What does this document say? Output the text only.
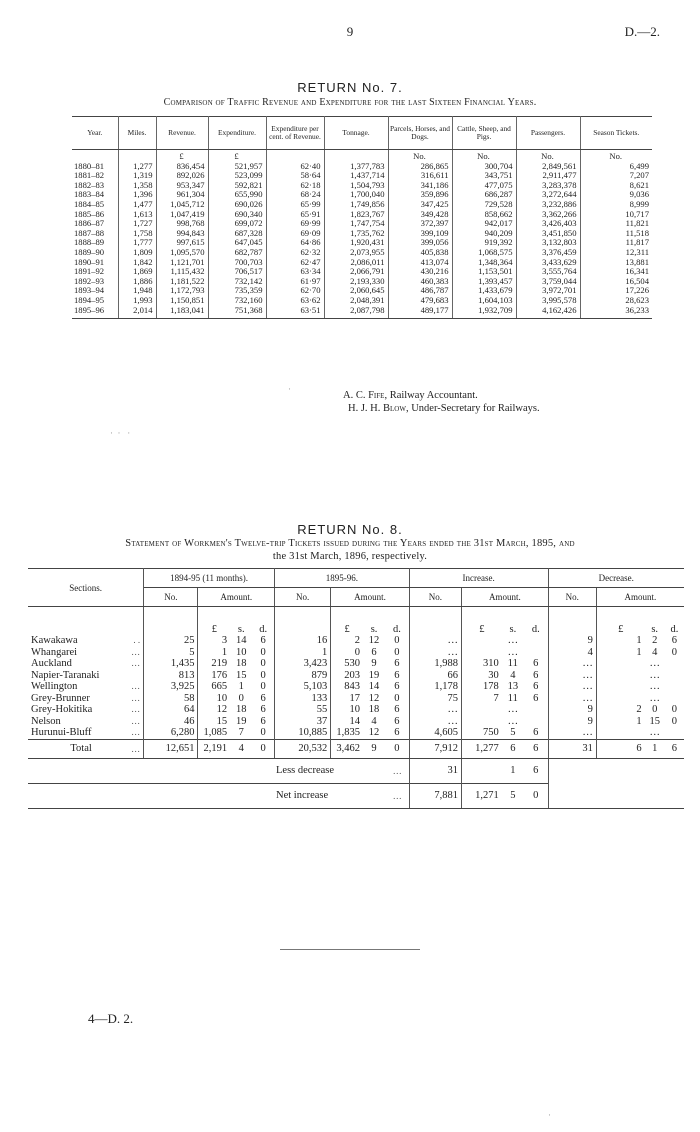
9	D.—2.
RETURN No. 7.
Comparison of Traffic Revenue and Expenditure for the last Sixteen Financial Years.
Year.	Miles.	Revenue.	Expenditure.	Expenditure per cent. of Revenue.	Tonnage.	Parcels, Horses, and Dogs.	Cattle, Sheep, and Pigs.	Passengers.	Season Tickets.
		£	£			No.	No.	No.	No.
1880–81	1,277	836,454	521,957	62·40	1,377,783	286,865	300,704	2,849,561	6,499
1881–82	1,319	892,026	523,099	58·64	1,437,714	316,611	343,751	2,911,477	7,207
1882–83	1,358	953,347	592,821	62·18	1,504,793	341,186	477,075	3,283,378	8,621
1883–84	1,396	961,304	655,990	68·24	1,700,040	359,896	686,287	3,272,644	9,036
1884–85	1,477	1,045,712	690,026	65·99	1,749,856	347,425	729,528	3,232,886	8,999
1885–86	1,613	1,047,419	690,340	65·91	1,823,767	349,428	858,662	3,362,266	10,717
1886–87	1,727	998,768	699,072	69·99	1,747,754	372,397	942,017	3,426,403	11,821
1887–88	1,758	994,843	687,328	69·09	1,735,762	399,109	940,209	3,451,850	11,518
1888–89	1,777	997,615	647,045	64·86	1,920,431	399,056	919,392	3,132,803	11,817
1889–90	1,809	1,095,570	682,787	62·32	2,073,955	405,838	1,068,575	3,376,459	12,311
1890–91	1,842	1,121,701	700,703	62·47	2,086,011	413,074	1,348,364	3,433,629	13,881
1891–92	1,869	1,115,432	706,517	63·34	2,066,791	430,216	1,153,501	3,555,764	16,341
1892–93	1,886	1,181,522	732,142	61·97	2,193,330	460,383	1,393,457	3,759,044	16,504
1893–94	1,948	1,172,793	735,359	62·70	2,060,645	486,787	1,433,679	3,972,701	17,226
1894–95	1,993	1,150,851	732,160	63·62	2,048,391	479,683	1,604,103	3,995,578	28,623
1895–96	2,014	1,183,041	751,368	63·51	2,087,798	489,177	1,932,709	4,162,426	36,233
A. C. Fife, Railway Accountant.
H. J. H. Blow, Under-Secretary for Railways.
·  ·   ·
·
RETURN No. 8.
Statement of Workmen's Twelve-trip Tickets issued during the Years ended the 31st March, 1895, and
the 31st March, 1896, respectively.
Sections.	1894-95 (11 months).				1895-96.				Increase.				Decrease.			
	No.	Amount.			No.	Amount.			No.	Amount.			No.	Amount.		
		£	s.	d.		£	s.	d.		£	s.	d.		£	s.	d.
Kawakawa . .	25	3	14	6	16	2	12	0	…		…		9	1	2	6
Whangarei …	5	1	10	0	1	0	6	0	…		…		4	1	4	0
Auckland …	1,435	219	18	0	3,423	530	9	6	1,988	310	11	6	…		…	
Napier-Taranaki	813	176	15	0	879	203	19	6	66	30	4	6	…		…	
Wellington …	3,925	665	1	0	5,103	843	14	6	1,178	178	13	6	…		…	
Grey-Brunner …	58	10	0	6	133	17	12	0	75	7	11	6	…		…	
Grey-Hokitika …	64	12	18	6	55	10	18	6	…		…		9	2	0	0
Nelson …	46	15	19	6	37	14	4	6	…		…		9	1	15	0
Hurunui-Bluff …	6,280	1,085	7	0	10,885	1,835	12	6	4,605	750	5	6	…		…	
Total …	12,651	2,191	4	0	20,532	3,462	9	0	7,912	1,277	6	6	31	6	1	6
Less decrease …									31		1	6				
Net increase …									7,881	1,271	5	0				
4—D. 2.
·
